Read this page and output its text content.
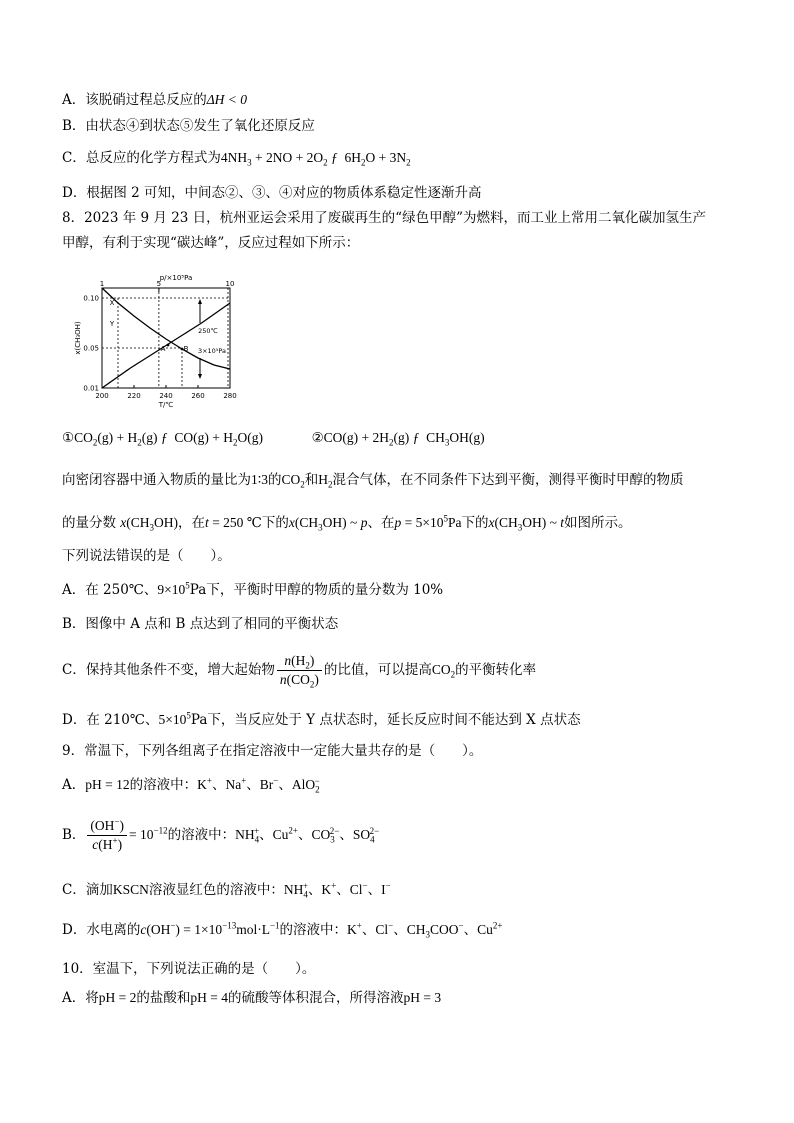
A．该脱硝过程总反应的ΔH < 0
B．由状态④到状态⑤发生了氧化还原反应
C．总反应的化学方程式为$4NH_3 + 2NO + 2O_2$ ƒ  $6H_2O + 3N_2$
D．根据图 2 可知，中间态②、③、④对应的物质体系稳定性逐渐升高
8．2023 年 9 月 23 日，杭州亚运会采用了废碳再生的“绿色甲醇”为燃料，而工业上常用二氧化碳加氢生产
甲醇，有利于实现“碳达峰”，反应过程如下所示：
p/×10⁵Pa
1	5	10
200	220	240	260	280
T/℃
0.10
0.05
0.01
x(CH₃OH)	250℃
3×10⁵Pa
X
Y
A	B
$①CO_2(g) + H_2(g)$ ƒ  $CO(g) + H_2O(g)$	②CO(g) + $2H_2(g)$ ƒ  $CH_3OH(g)$
向密闭容器中通入物质的量比为1∶3的$CO_2$和$H_2$混合气体，在不同条件下达到平衡，测得平衡时甲醇的物质
的量分数 $x(CH_3OH)$，在t = 250 ℃下的$x(CH_3OH)$ ~ p、在$p = 5\times 10^5Pa$下的$x(CH_3OH)$ ~ t如图所示。
下列说法错误的是（　　）。
A．在 250℃、$9\times 10^5Pa$下，平衡时甲醇的物质的量分数为 10%
B．图像中 A 点和 B 点达到了相同的平衡状态
C．保持其他条件不变，增大起始物 $\frac{n(H_2)}{n(CO_2)}$ 的比值，可以提高$CO_2$的平衡转化率
D．在 210℃、$5\times 10^5Pa$下，当反应处于 Y 点状态时，延长反应时间不能达到 X 点状态
9．常温下，下列各组离子在指定溶液中一定能大量共存的是（　　）。
A．pH = 12的溶液中：K+、Na+、Br−、AlO$_2$−
B． $\frac{(OH^-)}{c(H^+)} = 10^{-12}$的溶液中：$NH_4^+$、$Cu^{2+}$、$CO_3^{2-}$、$SO_4^{2-}$
C．滴加KSCN溶液显红色的溶液中：$NH_4^+$、K+、Cl−、I−
D．水电离的$c(OH^-) = 1\times 10^{-13}mol\cdot L^{-1}$的溶液中：K+、Cl−、$CH_3COO^-$、$Cu^{2+}$
10．室温下，下列说法正确的是（　　）。
A．将pH = 2的盐酸和pH = 4的硫酸等体积混合，所得溶液pH = 3
